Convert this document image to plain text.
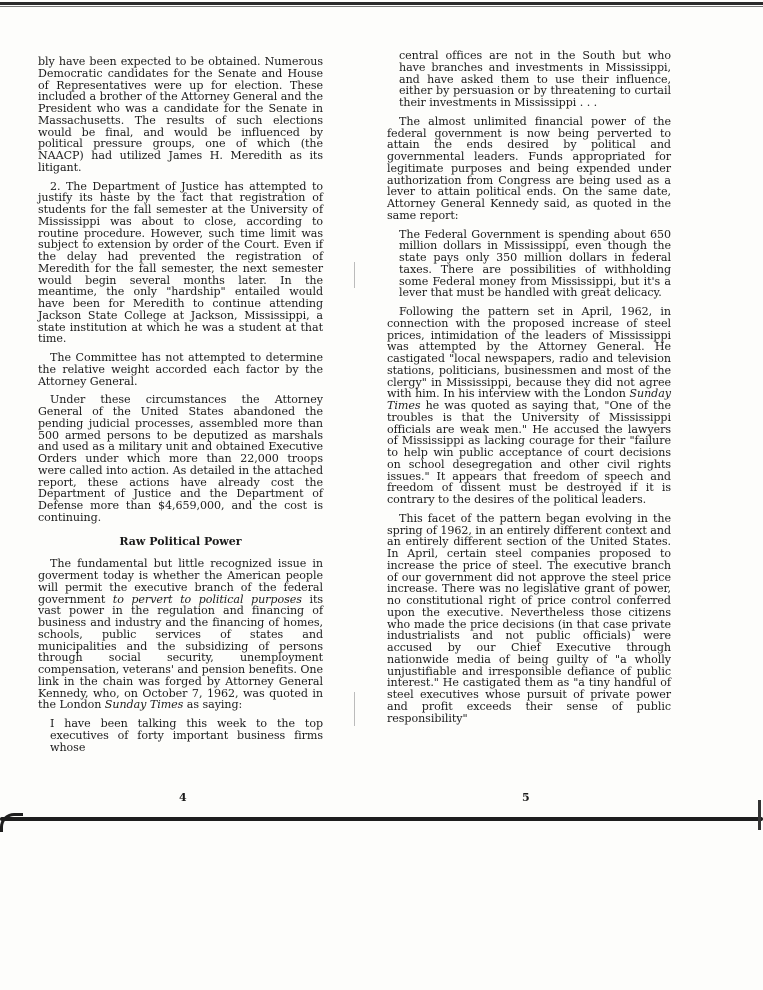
bly have been expected to be obtained. Numerous Democratic candidates for the Senate and House of Representatives were up for election. These included a brother of the Attorney General and the President who was a candidate for the Senate in Massachusetts. The results of such elections would be final, and would be influenced by political pressure groups, one of which (the NAACP) had utilized James H. Meredith as its litigant.

2. The Department of Justice has attempted to justify its haste by the fact that registration of students for the fall semester at the University of Mississippi was about to close, according to routine procedure. However, such time limit was subject to extension by order of the Court. Even if the delay had prevented the registration of Meredith for the fall semester, the next semester would begin several months later. In the meantime, the only "hardship" entailed would have been for Meredith to continue attending Jackson State College at Jackson, Mississippi, a state institution at which he was a student at that time.

The Committee has not attempted to determine the relative weight accorded each factor by the Attorney General.

Under these circumstances the Attorney General of the United States abandoned the pending judicial processes, assembled more than 500 armed persons to be deputized as marshals and used as a military unit and obtained Executive Orders under which more than 22,000 troops were called into action. As detailed in the attached report, these actions have already cost the Department of Justice and the Department of Defense more than $4,659,000, and the cost is continuing.

Raw Political Power

The fundamental but little recognized issue in goverment today is whether the American people will permit the executive branch of the federal government to pervert to political purposes its vast power in the regulation and financing of business and industry and the financing of homes, schools, public services of states and municipalities and the subsidizing of persons through social security, unemployment compensation, veterans' and pension benefits. One link in the chain was forged by Attorney General Kennedy, who, on October 7, 1962, was quoted in the London Sunday Times as saying:

I have been talking this week to the top executives of forty important business firms whose

central offices are not in the South but who have branches and investments in Mississippi, and have asked them to use their influence, either by persuasion or by threatening to curtail their investments in Mississippi . . .

The almost unlimited financial power of the federal government is now being perverted to attain the ends desired by political and governmental leaders. Funds appropriated for legitimate purposes and being expended under authorization from Congress are being used as a lever to attain political ends. On the same date, Attorney General Kennedy said, as quoted in the same report:

The Federal Government is spending about 650 million dollars in Mississippi, even though the state pays only 350 million dollars in federal taxes. There are possibilities of withholding some Federal money from Mississippi, but it's a lever that must be handled with great delicacy.

Following the pattern set in April, 1962, in connection with the proposed increase of steel prices, intimidation of the leaders of Mississippi was attempted by the Attorney General. He castigated "local newspapers, radio and television stations, politicians, businessmen and most of the clergy" in Mississippi, because they did not agree with him. In his interview with the London Sunday Times he was quoted as saying that, "One of the troubles is that the University of Mississippi officials are weak men." He accused the lawyers of Mississippi as lacking courage for their "failure to help win public acceptance of court decisions on school desegregation and other civil rights issues." It appears that freedom of speech and freedom of dissent must be destroyed if it is contrary to the desires of the political leaders.

This facet of the pattern began evolving in the spring of 1962, in an entirely different context and an entirely different section of the United States. In April, certain steel companies proposed to increase the price of steel. The executive branch of our government did not approve the steel price increase. There was no legislative grant of power, no constitutional right of price control conferred upon the executive. Nevertheless those citizens who made the price decisions (in that case private industrialists and not public officials) were accused by our Chief Executive through nationwide media of being guilty of "a wholly unjustifiable and irresponsible defiance of public interest." He castigated them as "a tiny handful of steel executives whose pursuit of private power and profit exceeds their sense of public responsibility"

4	5
